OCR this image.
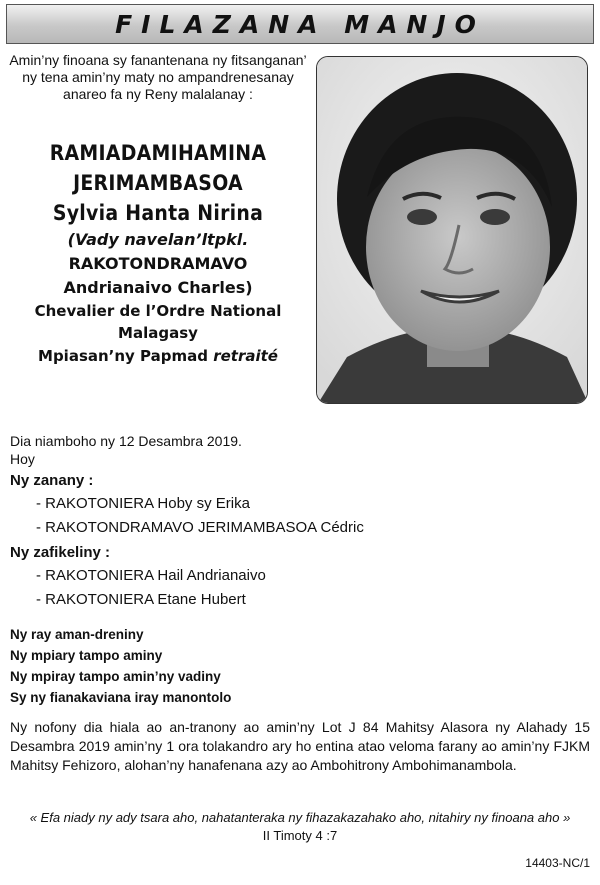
FILAZANA MANJO
Amin’ny finoana sy fanantenana ny fitsanganan’
ny tena amin’ny maty no ampandrenesanay
anareo fa ny Reny malalanay :
RAMIADAMIHAMINA
JERIMAMBASOA
Sylvia Hanta Nirina
(Vady navelan’ltpkl.
RAKOTONDRAMAVO
Andrianaivo Charles)
Chevalier de l’Ordre National
Malagasy
Mpiasan’ny Papmad retraité
Dia niamboho ny 12 Desambra 2019.
Hoy
Ny zanany :
- RAKOTONIERA Hoby sy Erika
- RAKOTONDRAMAVO JERIMAMBASOA Cédric
Ny zafikeliny :
- RAKOTONIERA Hail Andrianaivo
- RAKOTONIERA Etane Hubert
Ny ray aman-dreniny
Ny mpiary tampo aminy
Ny mpiray tampo amin’ny vadiny
Sy ny fianakaviana iray manontolo
Ny nofony dia hiala ao an-tranony ao amin’ny Lot J 84 Mahitsy Alasora ny Alahady 15 Desambra 2019 amin’ny 1 ora tolakandro ary ho entina atao veloma farany ao amin’ny FJKM Mahitsy Fehizoro, alohan’ny hanafenana azy ao Ambohitrony Ambohimanambola.
« Efa niady ny ady tsara aho, nahatanteraka ny fihazakazahako aho, nitahiry ny finoana aho »
II Timoty 4 :7
14403-NC/1
